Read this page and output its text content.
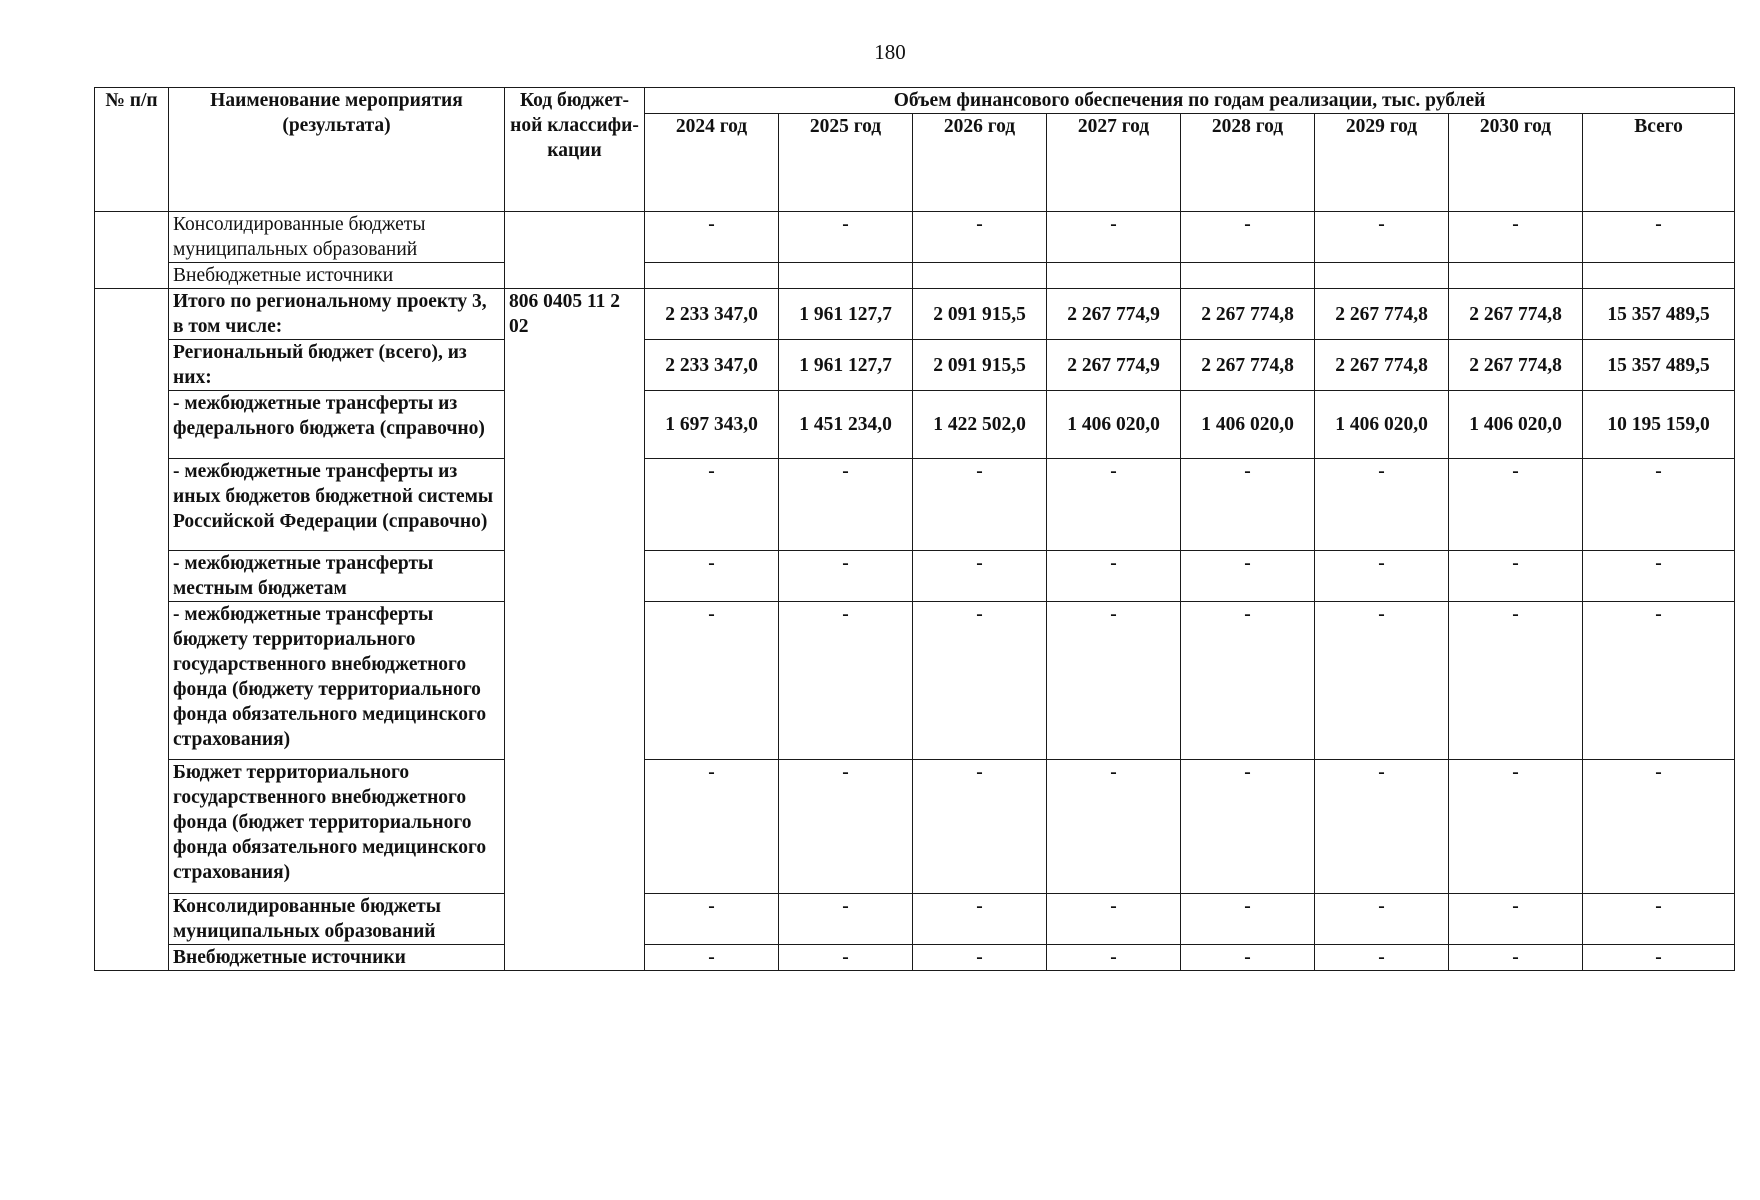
180
№ п/п	Наименование мероприятия (результата)	Код бюджет-ной классифи-кации	Объем финансового обеспечения по годам реализации, тыс. рублей							
			2024 год	2025 год	2026 год	2027 год	2028 год	2029 год	2030 год	Всего
	Консолидированные бюджеты муниципальных образований		-	-	-	-	-	-	-	-
	Внебюджетные источники									
	Итого по региональному проекту 3, в том числе:	806 0405 11 2 02	2 233 347,0	1 961 127,7	2 091 915,5	2 267 774,9	2 267 774,8	2 267 774,8	2 267 774,8	15 357 489,5
	Региональный бюджет (всего), из них:		2 233 347,0	1 961 127,7	2 091 915,5	2 267 774,9	2 267 774,8	2 267 774,8	2 267 774,8	15 357 489,5
	- межбюджетные трансферты из федерального бюджета (справочно)		1 697 343,0	1 451 234,0	1 422 502,0	1 406 020,0	1 406 020,0	1 406 020,0	1 406 020,0	10 195 159,0
	- межбюджетные трансферты из иных бюджетов бюджетной системы Российской Федерации (справочно)		-	-	-	-	-	-	-	-
	- межбюджетные трансферты местным бюджетам		-	-	-	-	-	-	-	-
	- межбюджетные трансферты бюджету территориального государственного внебюджетного фонда (бюджету территориального фонда обязательного медицинского страхования)		-	-	-	-	-	-	-	-
	Бюджет территориального государственного внебюджетного фонда (бюджет территориального фонда обязательного медицинского страхования)		-	-	-	-	-	-	-	-
	Консолидированные бюджеты муниципальных образований		-	-	-	-	-	-	-	-
	Внебюджетные источники		-	-	-	-	-	-	-	-
